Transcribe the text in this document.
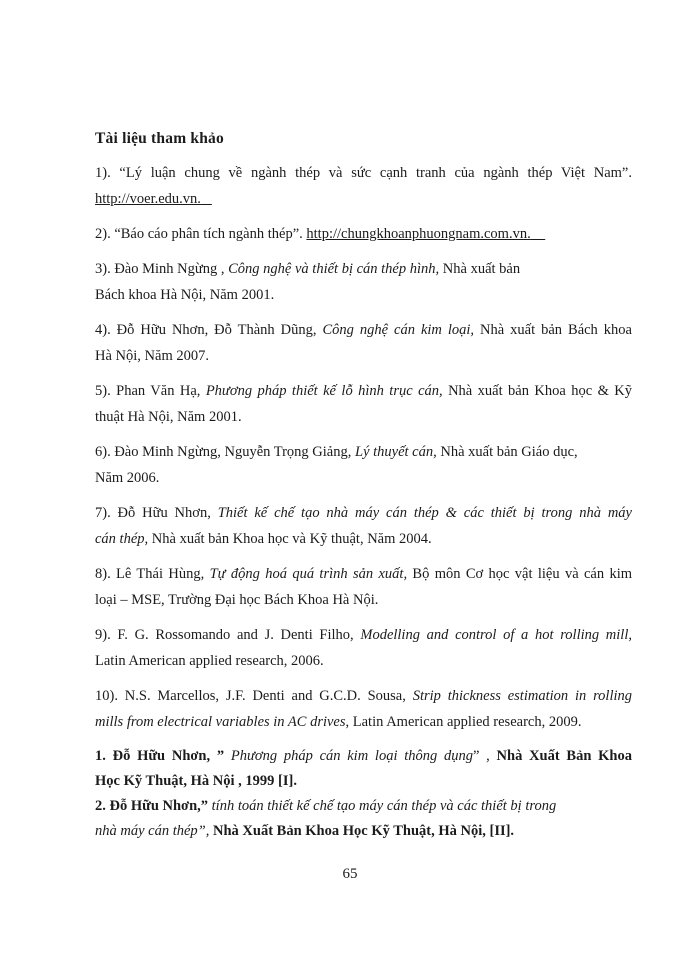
Tài liệu tham khảo

1). “Lý luận chung về ngành thép và sức cạnh tranh của ngành thép Việt Nam”.
http://voer.edu.vn.

2). “Báo cáo phân tích ngành thép”. http://chungkhoanphuongnam.com.vn.

3). Đào Minh Ngừng , Công nghệ và thiết bị cán thép hình, Nhà xuất bản
Bách khoa Hà Nội, Năm 2001.

4). Đỗ Hữu Nhơn, Đỗ Thành Dũng, Công nghệ cán kim loại, Nhà xuất bản Bách khoa
Hà Nội, Năm 2007.

5). Phan Văn Hạ, Phương pháp thiết kế lỗ hình trục cán, Nhà xuất bản Khoa học & Kỹ
thuật Hà Nội, Năm 2001.

6). Đào Minh Ngừng, Nguyễn Trọng Giảng, Lý thuyết cán, Nhà xuất bản Giáo dục,
Năm 2006.

7). Đỗ Hữu Nhơn, Thiết kế chế tạo nhà máy cán thép & các thiết bị trong nhà máy
cán thép, Nhà xuất bản Khoa học và Kỹ thuật, Năm 2004.

8). Lê Thái Hùng, Tự động hoá quá trình sản xuất, Bộ môn Cơ học vật liệu và cán kim
loại – MSE, Trường Đại học Bách Khoa Hà Nội.

9). F. G. Rossomando and J. Denti Filho, Modelling and control of a hot rolling mill,
Latin American applied research, 2006.

10). N.S. Marcellos, J.F. Denti and G.C.D. Sousa, Strip thickness estimation in rolling
mills from electrical variables in AC drives, Latin American applied research, 2009.

1. Đỗ Hữu Nhơn, ” Phương pháp cán kim loại thông dụng” , Nhà Xuất Bản Khoa
Học Kỹ Thuật, Hà Nội , 1999 [I].

2. Đỗ Hữu Nhơn,” tính toán thiết kế chế tạo máy cán thép và các thiết bị trong
nhà máy cán thép”, Nhà Xuất Bản Khoa Học Kỹ Thuật, Hà Nội, [II].

65
